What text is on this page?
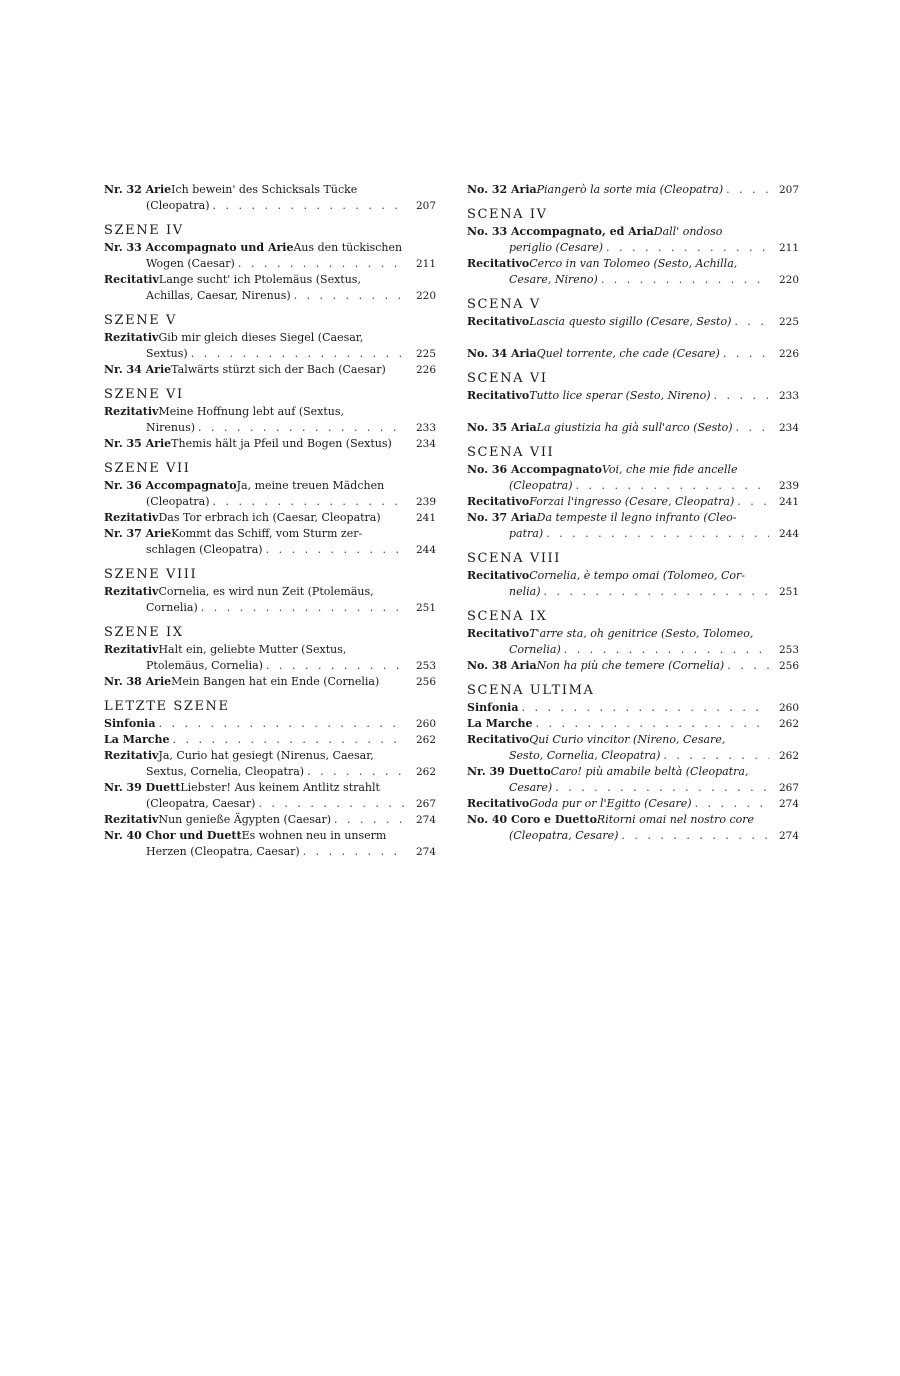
Nr. 32 Arie Ich bewein' des Schicksals Tücke
(Cleopatra) . . .	207
SZENE IV
Nr. 33 Accompagnato und Arie Aus den tückischen
Wogen (Caesar) . . .	211
Recitativ Lange sucht' ich Ptolemäus (Sextus,
Achillas, Caesar, Nirenus) . . .	220
SZENE V
Rezitativ Gib mir gleich dieses Siegel (Caesar,
Sextus) . . .	225
Nr. 34 Arie Talwärts stürzt sich der Bach (Caesar)	226
SZENE VI
Rezitativ Meine Hoffnung lebt auf (Sextus,
Nirenus) . . .	233
Nr. 35 Arie Themis hält ja Pfeil und Bogen (Sextus)	234
SZENE VII
Nr. 36 Accompagnato Ja, meine treuen Mädchen
(Cleopatra) . . .	239
Rezitativ Das Tor erbrach ich (Caesar, Cleopatra)	241
Nr. 37 Arie Kommt das Schiff, vom Sturm zer-
schlagen (Cleopatra) . . .	244
SZENE VIII
Rezitativ Cornelia, es wird nun Zeit (Ptolemäus,
Cornelia) . . .	251
SZENE IX
Rezitativ Halt ein, geliebte Mutter (Sextus,
Ptolemäus, Cornelia) . . .	253
Nr. 38 Arie Mein Bangen hat ein Ende (Cornelia)	256
LETZTE SZENE
Sinfonia . . .	260
La Marche . . .	262
Rezitativ Ja, Curio hat gesiegt (Nirenus, Caesar,
Sextus, Cornelia, Cleopatra) . . .	262
Nr. 39 Duett Liebster! Aus keinem Antlitz strahlt
(Cleopatra, Caesar) . . .	267
Rezitativ Nun genieße Ägypten (Caesar) . . .	274
Nr. 40 Chor und Duett Es wohnen neu in unserm
Herzen (Cleopatra, Caesar) . . .	274
No. 32 Aria Piangerò la sorte mia (Cleopatra) . . .	207
SCENA IV
No. 33 Accompagnato, ed Aria Dall' ondoso
periglio (Cesare) . . .	211
Recitativo Cerco in van Tolomeo (Sesto, Achilla,
Cesare, Nireno) . . .	220
SCENA V
Recitativo Lascia questo sigillo (Cesare, Sesto) . . .	225
No. 34 Aria Quel torrente, che cade (Cesare) . . .	226
SCENA VI
Recitativo Tutto lice sperar (Sesto, Nireno) . . .	233
No. 35 Aria La giustizia ha già sull'arco (Sesto) . . .	234
SCENA VII
No. 36 Accompagnato Voi, che mie fide ancelle
(Cleopatra) . . .	239
Recitativo Forzai l'ingresso (Cesare, Cleopatra) . . .	241
No. 37 Aria Da tempeste il legno infranto (Cleo-
patra) . . .	244
SCENA VIII
Recitativo Cornelia, è tempo omai (Tolomeo, Cor-
nelia) . . .	251
SCENA IX
Recitativo T'arre sta, oh genitrice (Sesto, Tolomeo,
Cornelia) . . .	253
No. 38 Aria Non ha più che temere (Cornelia) . . .	256
SCENA ULTIMA
Sinfonia . . .	260
La Marche . . .	262
Recitativo Qui Curio vincitor (Nireno, Cesare,
Sesto, Cornelia, Cleopatra) . . .	262
Nr. 39 Duetto Caro! più amabile beltà (Cleopatra,
Cesare) . . .	267
Recitativo Goda pur or l'Egitto (Cesare) . . .	274
No. 40 Coro e Duetto Ritorni omai nel nostro core
(Cleopatra, Cesare) . . .	274
